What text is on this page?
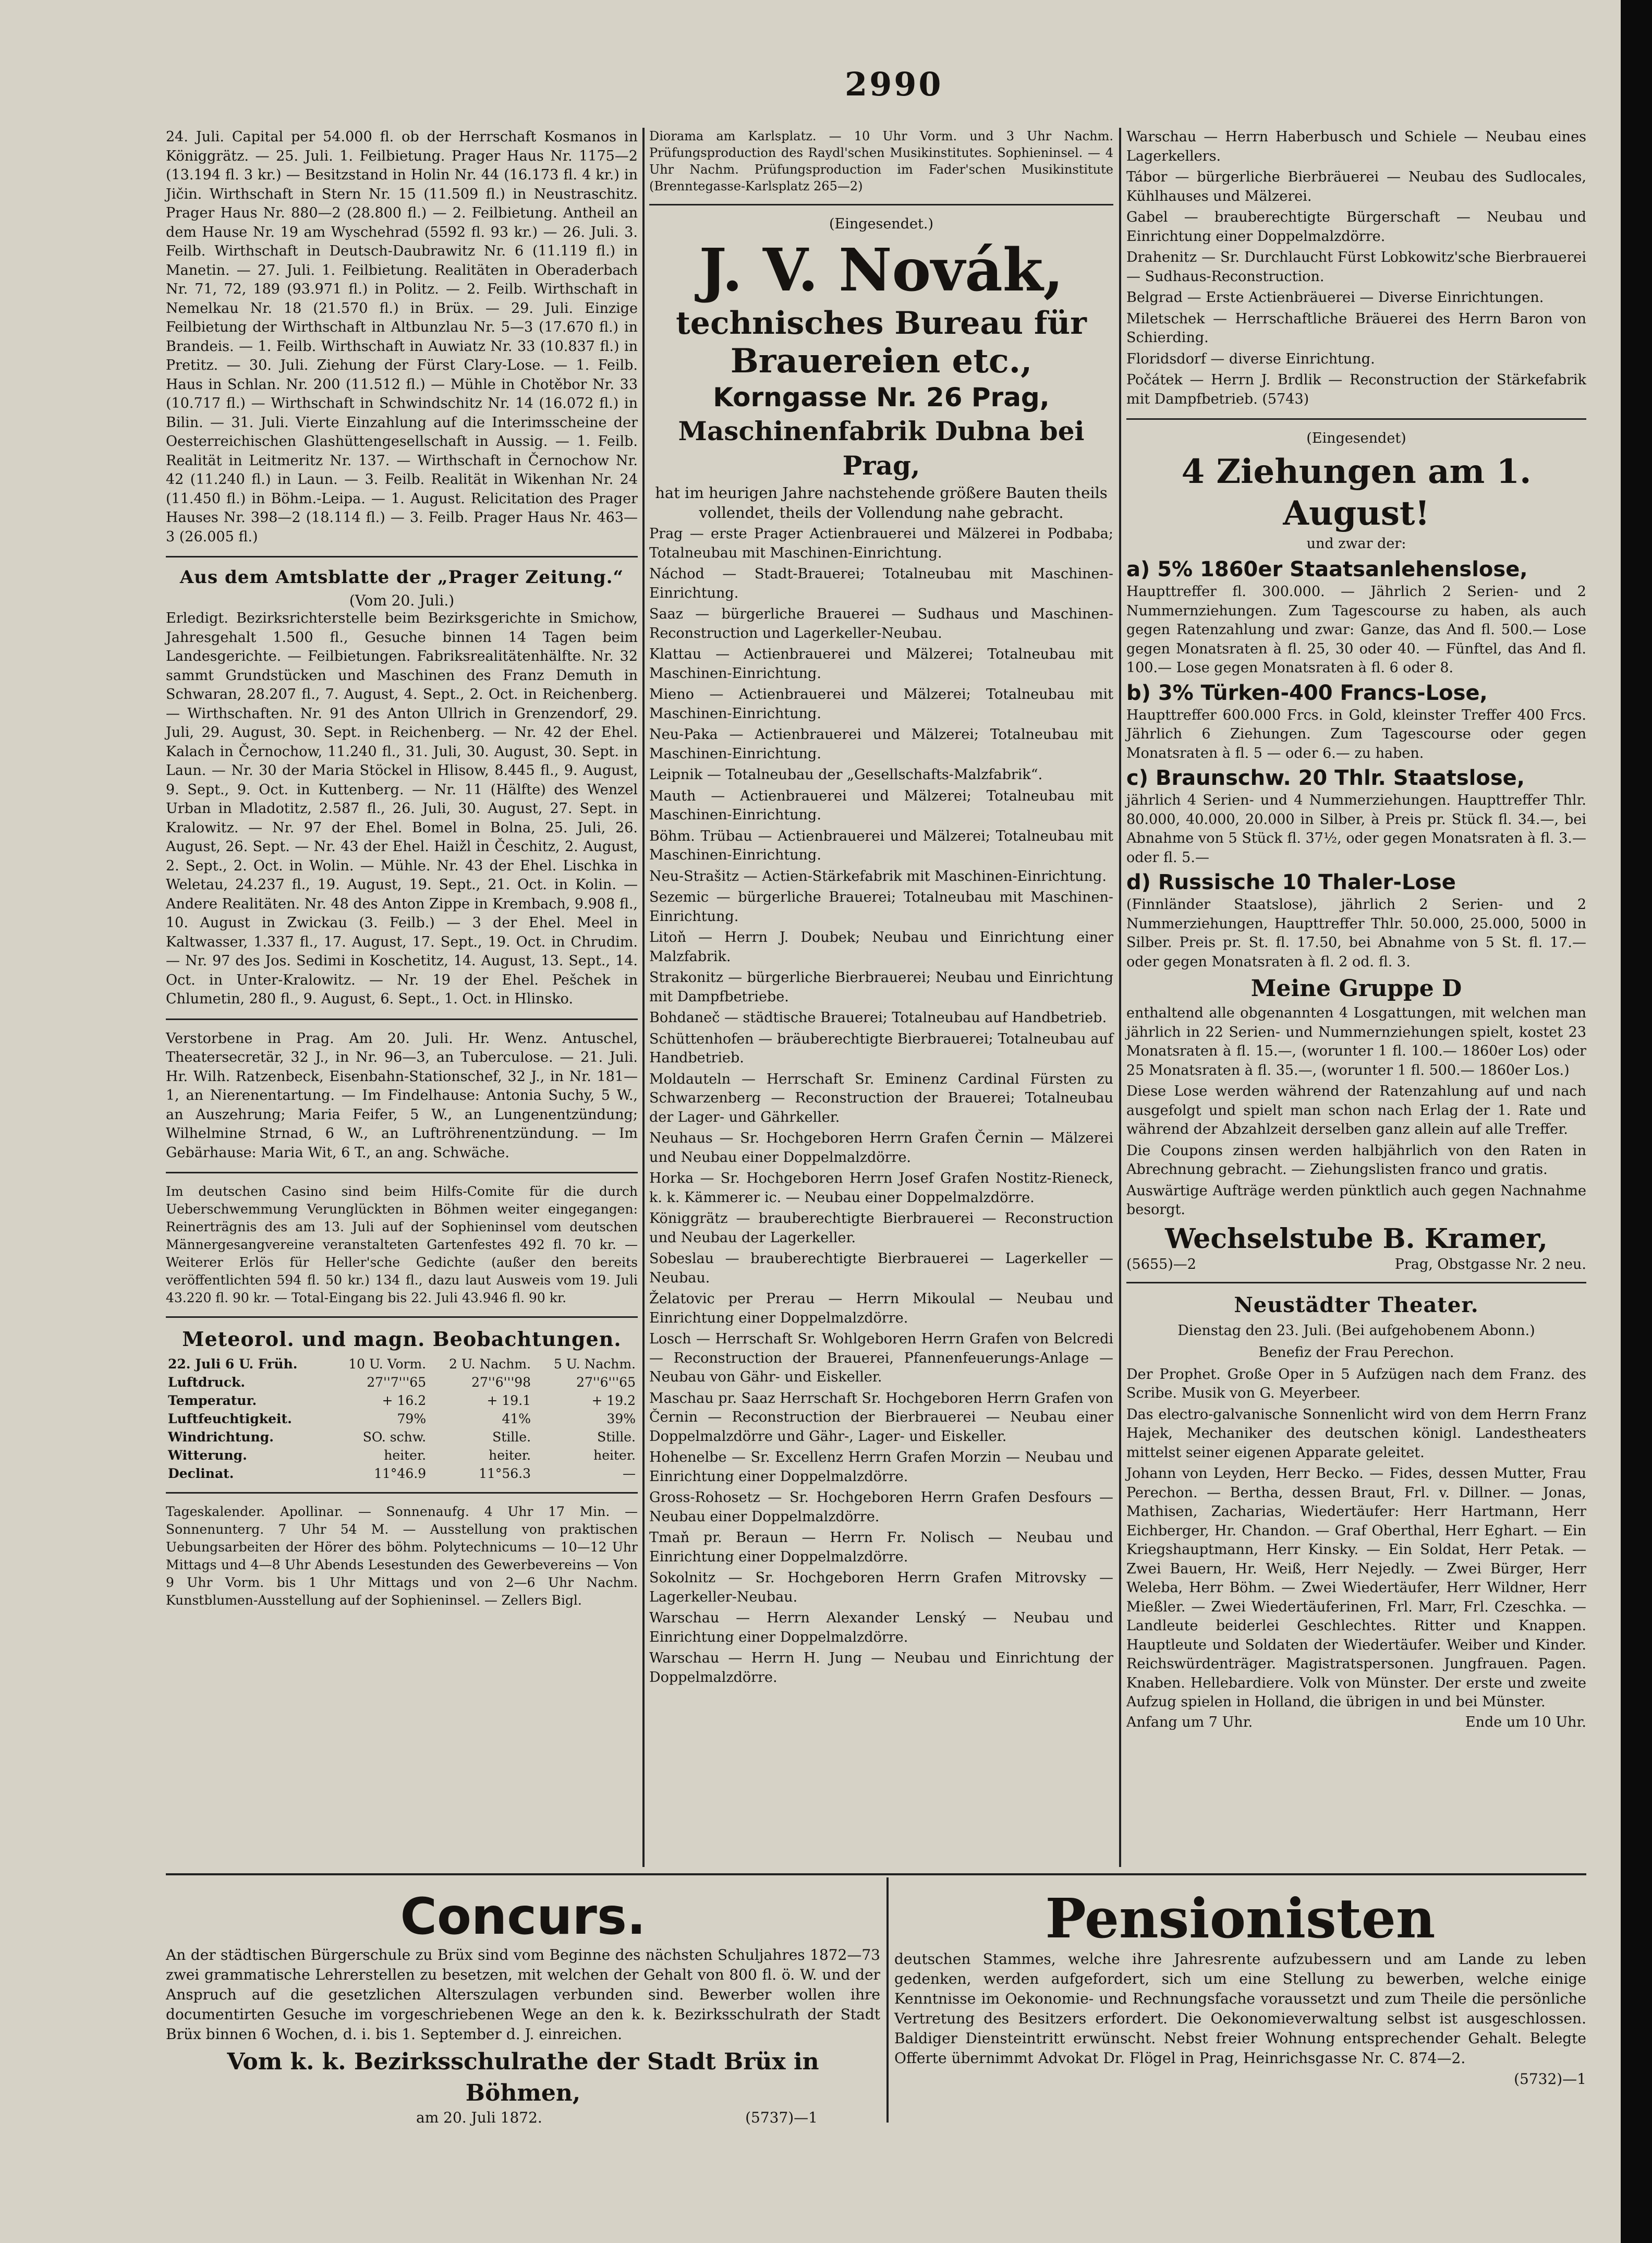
2990

24. Juli. Capital per 54.000 fl. ob der Herrschaft Kosmanos in Königgrätz. — 25. Juli. 1. Feilbietung. Prager Haus Nr. 1175—2 (13.194 fl. 3 kr.) — Besitzstand in Holin Nr. 44 (16.173 fl. 4 kr.) in Jičin. Wirthschaft in Stern Nr. 15 (11.509 fl.) in Neustraschitz. Prager Haus Nr. 880—2 (28.800 fl.) — 2. Feilbietung. Antheil an dem Hause Nr. 19 am Wyschehrad (5592 fl. 93 kr.) — 26. Juli. 3. Feilb. Wirthschaft in Deutsch-Daubrawitz Nr. 6 (11.119 fl.) in Manetin. — 27. Juli. 1. Feilbietung. Realitäten in Oberaderbach Nr. 71, 72, 189 (93.971 fl.) in Politz. — 2. Feilb. Wirthschaft in Nemelkau Nr. 18 (21.570 fl.) in Brüx. — 29. Juli. Einzige Feilbietung der Wirthschaft in Altbunzlau Nr. 5—3 (17.670 fl.) in Brandeis. — 1. Feilb. Wirthschaft in Auwiatz Nr. 33 (10.837 fl.) in Pretitz. — 30. Juli. Ziehung der Fürst Clary-Lose. — 1. Feilb. Haus in Schlan. Nr. 200 (11.512 fl.) — Mühle in Chotěbor Nr. 33 (10.717 fl.) — Wirthschaft in Schwindschitz Nr. 14 (16.072 fl.) in Bilin. — 31. Juli. Vierte Einzahlung auf die Interimsscheine der Oesterreichischen Glashüttengesellschaft in Aussig. — 1. Feilb. Realität in Leitmeritz Nr. 137. — Wirthschaft in Černochow Nr. 42 (11.240 fl.) in Laun. — 3. Feilb. Realität in Wikenhan Nr. 24 (11.450 fl.) in Böhm.-Leipa. — 1. August. Relicitation des Prager Hauses Nr. 398—2 (18.114 fl.) — 3. Feilb. Prager Haus Nr. 463—3 (26.005 fl.)

Aus dem Amtsblatte der „Prager Zeitung.“

(Vom 20. Juli.)

Erledigt. Bezirksrichterstelle beim Bezirksgerichte in Smichow, Jahresgehalt 1.500 fl., Gesuche binnen 14 Tagen beim Landesgerichte. — Feilbietungen. Fabriksrealitätenhälfte. Nr. 32 sammt Grundstücken und Maschinen des Franz Demuth in Schwaran, 28.207 fl., 7. August, 4. Sept., 2. Oct. in Reichenberg. — Wirthschaften. Nr. 91 des Anton Ullrich in Grenzendorf, 29. Juli, 29. August, 30. Sept. in Reichenberg. — Nr. 42 der Ehel. Kalach in Černochow, 11.240 fl., 31. Juli, 30. August, 30. Sept. in Laun. — Nr. 30 der Maria Stöckel in Hlisow, 8.445 fl., 9. August, 9. Sept., 9. Oct. in Kuttenberg. — Nr. 11 (Hälfte) des Wenzel Urban in Mladotitz, 2.587 fl., 26. Juli, 30. August, 27. Sept. in Kralowitz. — Nr. 97 der Ehel. Bomel in Bolna, 25. Juli, 26. August, 26. Sept. — Nr. 43 der Ehel. Haižl in Česchitz, 2. August, 2. Sept., 2. Oct. in Wolin. — Mühle. Nr. 43 der Ehel. Lischka in Weletau, 24.237 fl., 19. August, 19. Sept., 21. Oct. in Kolin. — Andere Realitäten. Nr. 48 des Anton Zippe in Krembach, 9.908 fl., 10. August in Zwickau (3. Feilb.) — 3 der Ehel. Meel in Kaltwasser, 1.337 fl., 17. August, 17. Sept., 19. Oct. in Chrudim. — Nr. 97 des Jos. Sedimi in Koschetitz, 14. August, 13. Sept., 14. Oct. in Unter-Kralowitz. — Nr. 19 der Ehel. Pešchek in Chlumetin, 280 fl., 9. August, 6. Sept., 1. Oct. in Hlinsko.

Verstorbene in Prag. Am 20. Juli. Hr. Wenz. Antuschel, Theatersecretär, 32 J., in Nr. 96—3, an Tuberculose. — 21. Juli. Hr. Wilh. Ratzenbeck, Eisenbahn-Stationschef, 32 J., in Nr. 181—1, an Nierenentartung. — Im Findelhause: Antonia Suchy, 5 W., an Auszehrung; Maria Feifer, 5 W., an Lungenentzündung; Wilhelmine Strnad, 6 W., an Luftröhrenentzündung. — Im Gebärhause: Maria Wit, 6 T., an ang. Schwäche.

Im deutschen Casino sind beim Hilfs-Comite für die durch Ueberschwemmung Verunglückten in Böhmen weiter eingegangen: Reinerträgnis des am 13. Juli auf der Sophieninsel vom deutschen Männergesangvereine veranstalteten Gartenfestes 492 fl. 70 kr. — Weiterer Erlös für Heller'sche Gedichte (außer den bereits veröffentlichten 594 fl. 50 kr.) 134 fl., dazu laut Ausweis vom 19. Juli 43.220 fl. 90 kr. — Total-Eingang bis 22. Juli 43.946 fl. 90 kr.

Meteorol. und magn. Beobachtungen.

22. Juli 6 U. Früh.	10 U. Vorm.	2 U. Nachm.	5 U. Nachm.
Luftdruck.	27''7'''65	27''6'''98	27''6'''65
Temperatur.	+ 16.2	+ 19.1	+ 19.2
Luftfeuchtigkeit.	79%	41%	39%
Windrichtung.	SO. schw.	Stille.	Stille.
Witterung.	heiter.	heiter.	heiter.
Declinat.	11°46.9	11°56.3	—

Tageskalender. Apollinar. — Sonnenaufg. 4 Uhr 17 Min. — Sonnenunterg. 7 Uhr 54 M. — Ausstellung von praktischen Uebungsarbeiten der Hörer des böhm. Polytechnicums — 10—12 Uhr Mittags und 4—8 Uhr Abends Lesestunden des Gewerbevereins — Von 9 Uhr Vorm. bis 1 Uhr Mittags und von 2—6 Uhr Nachm. Kunstblumen-Ausstellung auf der Sophieninsel. — Zellers Bigl.

Diorama am Karlsplatz. — 10 Uhr Vorm. und 3 Uhr Nachm. Prüfungsproduction des Raydl'schen Musikinstitutes. Sophieninsel. — 4 Uhr Nachm. Prüfungsproduction im Fader'schen Musikinstitute (Brenntegasse-Karlsplatz 265—2)

(Eingesendet.)

J. V. Novák,

technisches Bureau für

Brauereien etc.,

Korngasse Nr. 26 Prag,

Maschinenfabrik Dubna bei Prag,

hat im heurigen Jahre nachstehende größere Bauten theils vollendet, theils der Vollendung nahe gebracht.

Prag — erste Prager Actienbrauerei und Mälzerei in Podbaba; Totalneubau mit Maschinen-Einrichtung.

Náchod — Stadt-Brauerei; Totalneubau mit Maschinen-Einrichtung.

Saaz — bürgerliche Brauerei — Sudhaus und Maschinen-Reconstruction und Lagerkeller-Neubau.

Klattau — Actienbrauerei und Mälzerei; Totalneubau mit Maschinen-Einrichtung.

Mieno — Actienbrauerei und Mälzerei; Totalneubau mit Maschinen-Einrichtung.

Neu-Paka — Actienbrauerei und Mälzerei; Totalneubau mit Maschinen-Einrichtung.

Leipnik — Totalneubau der „Gesellschafts-Malzfabrik“.

Mauth — Actienbrauerei und Mälzerei; Totalneubau mit Maschinen-Einrichtung.

Böhm. Trübau — Actienbrauerei und Mälzerei; Totalneubau mit Maschinen-Einrichtung.

Neu-Strašitz — Actien-Stärkefabrik mit Maschinen-Einrichtung.

Sezemic — bürgerliche Brauerei; Totalneubau mit Maschinen-Einrichtung.

Litoň — Herrn J. Doubek; Neubau und Einrichtung einer Malzfabrik.

Strakonitz — bürgerliche Bierbrauerei; Neubau und Einrichtung mit Dampfbetriebe.

Bohdaneč — städtische Brauerei; Totalneubau auf Handbetrieb.

Schüttenhofen — bräuberechtigte Bierbrauerei; Totalneubau auf Handbetrieb.

Moldauteln — Herrschaft Sr. Eminenz Cardinal Fürsten zu Schwarzenberg — Reconstruction der Brauerei; Totalneubau der Lager- und Gährkeller.

Neuhaus — Sr. Hochgeboren Herrn Grafen Černin — Mälzerei und Neubau einer Doppelmalzdörre.

Horka — Sr. Hochgeboren Herrn Josef Grafen Nostitz-Rieneck, k. k. Kämmerer ic. — Neubau einer Doppelmalzdörre.

Königgrätz — brauberechtigte Bierbrauerei — Reconstruction und Neubau der Lagerkeller.

Sobeslau — brauberechtigte Bierbrauerei — Lagerkeller — Neubau.

Želatovic per Prerau — Herrn Mikoulal — Neubau und Einrichtung einer Doppelmalzdörre.

Losch — Herrschaft Sr. Wohlgeboren Herrn Grafen von Belcredi — Reconstruction der Brauerei, Pfannenfeuerungs-Anlage — Neubau von Gähr- und Eiskeller.

Maschau pr. Saaz Herrschaft Sr. Hochgeboren Herrn Grafen von Černin — Reconstruction der Bierbrauerei — Neubau einer Doppelmalzdörre und Gähr-, Lager- und Eiskeller.

Hohenelbe — Sr. Excellenz Herrn Grafen Morzin — Neubau und Einrichtung einer Doppelmalzdörre.

Gross-Rohosetz — Sr. Hochgeboren Herrn Grafen Desfours — Neubau einer Doppelmalzdörre.

Tmaň pr. Beraun — Herrn Fr. Nolisch — Neubau und Einrichtung einer Doppelmalzdörre.

Sokolnitz — Sr. Hochgeboren Herrn Grafen Mitrovsky — Lagerkeller-Neubau.

Warschau — Herrn Alexander Lenský — Neubau und Einrichtung einer Doppelmalzdörre.

Warschau — Herrn H. Jung — Neubau und Einrichtung der Doppelmalzdörre.

Warschau — Herrn Haberbusch und Schiele — Neubau eines Lagerkellers.

Tábor — bürgerliche Bierbräuerei — Neubau des Sudlocales, Kühlhauses und Mälzerei.

Gabel — brauberechtigte Bürgerschaft — Neubau und Einrichtung einer Doppelmalzdörre.

Drahenitz — Sr. Durchlaucht Fürst Lobkowitz'sche Bierbrauerei — Sudhaus-Reconstruction.

Belgrad — Erste Actienbräuerei — Diverse Einrichtungen.

Miletschek — Herrschaftliche Bräuerei des Herrn Baron von Schierding.

Floridsdorf — diverse Einrichtung.

Počátek — Herrn J. Brdlik — Reconstruction der Stärkefabrik mit Dampfbetrieb. (5743)

(Eingesendet)

4 Ziehungen am 1. August!

und zwar der:

a) 5% 1860er Staatsanlehenslose,

Haupttreffer fl. 300.000. — Jährlich 2 Serien- und 2 Nummernziehungen. Zum Tagescourse zu haben, als auch gegen Ratenzahlung und zwar: Ganze, das And fl. 500.— Lose gegen Monatsraten à fl. 25, 30 oder 40. — Fünftel, das And fl. 100.— Lose gegen Monatsraten à fl. 6 oder 8.

b) 3% Türken-400 Francs-Lose,

Haupttreffer 600.000 Frcs. in Gold, kleinster Treffer 400 Frcs. Jährlich 6 Ziehungen. Zum Tagescourse oder gegen Monatsraten à fl. 5 — oder 6.— zu haben.

c) Braunschw. 20 Thlr. Staatslose,

jährlich 4 Serien- und 4 Nummerziehungen. Haupttreffer Thlr. 80.000, 40.000, 20.000 in Silber, à Preis pr. Stück fl. 34.—, bei Abnahme von 5 Stück fl. 37½, oder gegen Monatsraten à fl. 3.— oder fl. 5.—

d) Russische 10 Thaler-Lose

(Finnländer Staatslose), jährlich 2 Serien- und 2 Nummerziehungen, Haupttreffer Thlr. 50.000, 25.000, 5000 in Silber. Preis pr. St. fl. 17.50, bei Abnahme von 5 St. fl. 17.— oder gegen Monatsraten à fl. 2 od. fl. 3.

Meine Gruppe D

enthaltend alle obgenannten 4 Losgattungen, mit welchen man jährlich in 22 Serien- und Nummernziehungen spielt, kostet 23 Monatsraten à fl. 15.—, (worunter 1 fl. 100.— 1860er Los) oder 25 Monatsraten à fl. 35.—, (worunter 1 fl. 500.— 1860er Los.)

Diese Lose werden während der Ratenzahlung auf und nach ausgefolgt und spielt man schon nach Erlag der 1. Rate und während der Abzahlzeit derselben ganz allein auf alle Treffer.

Die Coupons zinsen werden halbjährlich von den Raten in Abrechnung gebracht. — Ziehungslisten franco und gratis.

Auswärtige Aufträge werden pünktlich auch gegen Nachnahme besorgt.

Wechselstube B. Kramer,

(5655)—2	Prag, Obstgasse Nr. 2 neu.

Neustädter Theater.

Dienstag den 23. Juli. (Bei aufgehobenem Abonn.)

Benefiz der Frau Perechon.

Der Prophet. Große Oper in 5 Aufzügen nach dem Franz. des Scribe. Musik von G. Meyerbeer.

Das electro-galvanische Sonnenlicht wird von dem Herrn Franz Hajek, Mechaniker des deutschen königl. Landestheaters mittelst seiner eigenen Apparate geleitet.

Johann von Leyden, Herr Becko. — Fides, dessen Mutter, Frau Perechon. — Bertha, dessen Braut, Frl. v. Dillner. — Jonas, Mathisen, Zacharias, Wiedertäufer: Herr Hartmann, Herr Eichberger, Hr. Chandon. — Graf Oberthal, Herr Eghart. — Ein Kriegshauptmann, Herr Kinsky. — Ein Soldat, Herr Petak. — Zwei Bauern, Hr. Weiß, Herr Nejedly. — Zwei Bürger, Herr Weleba, Herr Böhm. — Zwei Wiedertäufer, Herr Wildner, Herr Mießler. — Zwei Wiedertäuferinen, Frl. Marr, Frl. Czeschka. — Landleute beiderlei Geschlechtes. Ritter und Knappen. Hauptleute und Soldaten der Wiedertäufer. Weiber und Kinder. Reichswürdenträger. Magistratspersonen. Jungfrauen. Pagen. Knaben. Hellebardiere. Volk von Münster. Der erste und zweite Aufzug spielen in Holland, die übrigen in und bei Münster.

Anfang um 7 Uhr.	Ende um 10 Uhr.

Concurs.

An der städtischen Bürgerschule zu Brüx sind vom Beginne des nächsten Schuljahres 1872—73 zwei grammatische Lehrerstellen zu besetzen, mit welchen der Gehalt von 800 fl. ö. W. und der Anspruch auf die gesetzlichen Alterszulagen verbunden sind. Bewerber wollen ihre documentirten Gesuche im vorgeschriebenen Wege an den k. k. Bezirksschulrath der Stadt Brüx binnen 6 Wochen, d. i. bis 1. September d. J. einreichen.

Vom k. k. Bezirksschulrathe der Stadt Brüx in Böhmen,

am 20. Juli 1872.	(5737)—1

Pensionisten

deutschen Stammes, welche ihre Jahresrente aufzubessern und am Lande zu leben gedenken, werden aufgefordert, sich um eine Stellung zu bewerben, welche einige Kenntnisse im Oekonomie- und Rechnungsfache voraussetzt und zum Theile die persönliche Vertretung des Besitzers erfordert. Die Oekonomieverwaltung selbst ist ausgeschlossen. Baldiger Diensteintritt erwünscht. Nebst freier Wohnung entsprechender Gehalt. Belegte Offerte übernimmt Advokat Dr. Flögel in Prag, Heinrichsgasse Nr. C. 874—2.

(5732)—1
